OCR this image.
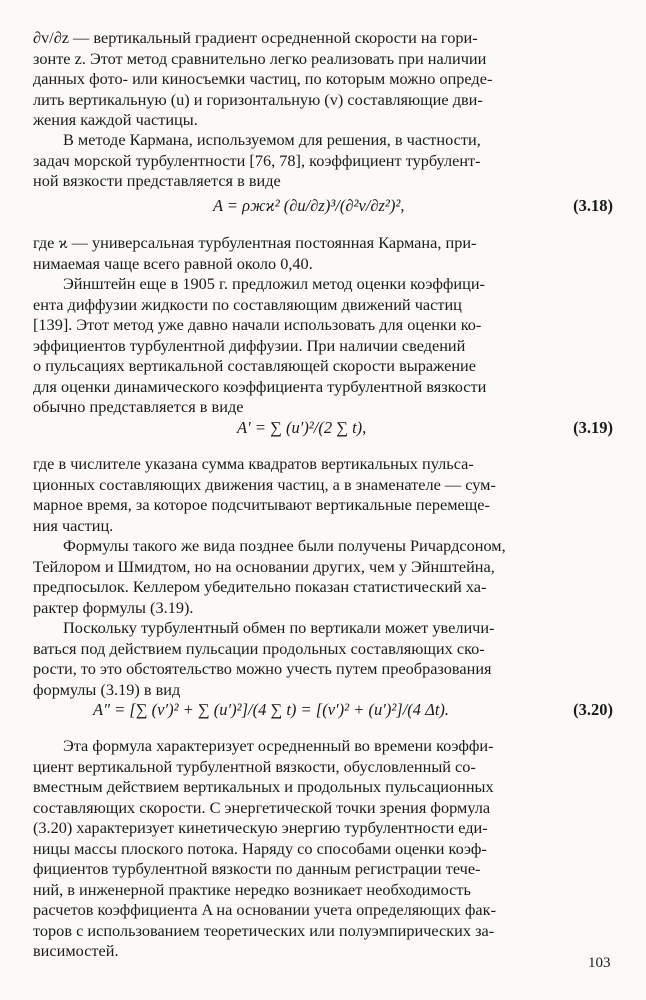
∂v/∂z — вертикальный градиент осредненной скорости на гори-

зонте z. Этот метод сравнительно легко реализовать при наличии

данных фото- или киносъемки частиц, по которым можно опреде-

лить вертикальную (u) и горизонтальную (v) составляющие дви-

жения каждой частицы.

В методе Кармана, используемом для решения, в частности,

задач морской турбулентности [76, 78], коэффициент турбулент-

ной вязкости представляется в виде

A = ρжϰ² (∂u/∂z)³/(∂²v/∂z²)²,	(3.18)

где ϰ — универсальная турбулентная постоянная Кармана, при-

нимаемая чаще всего равной около 0,40.

Эйнштейн еще в 1905 г. предложил метод оценки коэффици-

ента диффузии жидкости по составляющим движений частиц

[139]. Этот метод уже давно начали использовать для оценки ко-

эффициентов турбулентной диффузии. При наличии сведений

о пульсациях вертикальной составляющей скорости выражение

для оценки динамического коэффициента турбулентной вязкости

обычно представляется в виде

A′ = ∑ (u′)²/(2 ∑ t),	(3.19)

где в числителе указана сумма квадратов вертикальных пульса-

ционных составляющих движения частиц, а в знаменателе — сум-

марное время, за которое подсчитывают вертикальные перемеще-

ния частиц.

Формулы такого же вида позднее были получены Ричардсоном,

Тейлором и Шмидтом, но на основании других, чем у Эйнштейна,

предпосылок. Келлером убедительно показан статистический ха-

рактер формулы (3.19).

Поскольку турбулентный обмен по вертикали может увеличи-

ваться под действием пульсации продольных составляющих ско-

рости, то это обстоятельство можно учесть путем преобразования

формулы (3.19) в вид

A″ = [∑ (v′)² + ∑ (u′)²]/(4 ∑ t) = [(v′)² + (u′)²]/(4 Δt).	(3.20)

Эта формула характеризует осредненный во времени коэффи-

циент вертикальной турбулентной вязкости, обусловленный со-

вместным действием вертикальных и продольных пульсационных

составляющих скорости. С энергетической точки зрения формула

(3.20) характеризует кинетическую энергию турбулентности еди-

ницы массы плоского потока. Наряду со способами оценки коэф-

фициентов турбулентной вязкости по данным регистрации тече-

ний, в инженерной практике нередко возникает необходимость

расчетов коэффициента A на основании учета определяющих фак-

торов с использованием теоретических или полуэмпирических за-

висимостей.

103
